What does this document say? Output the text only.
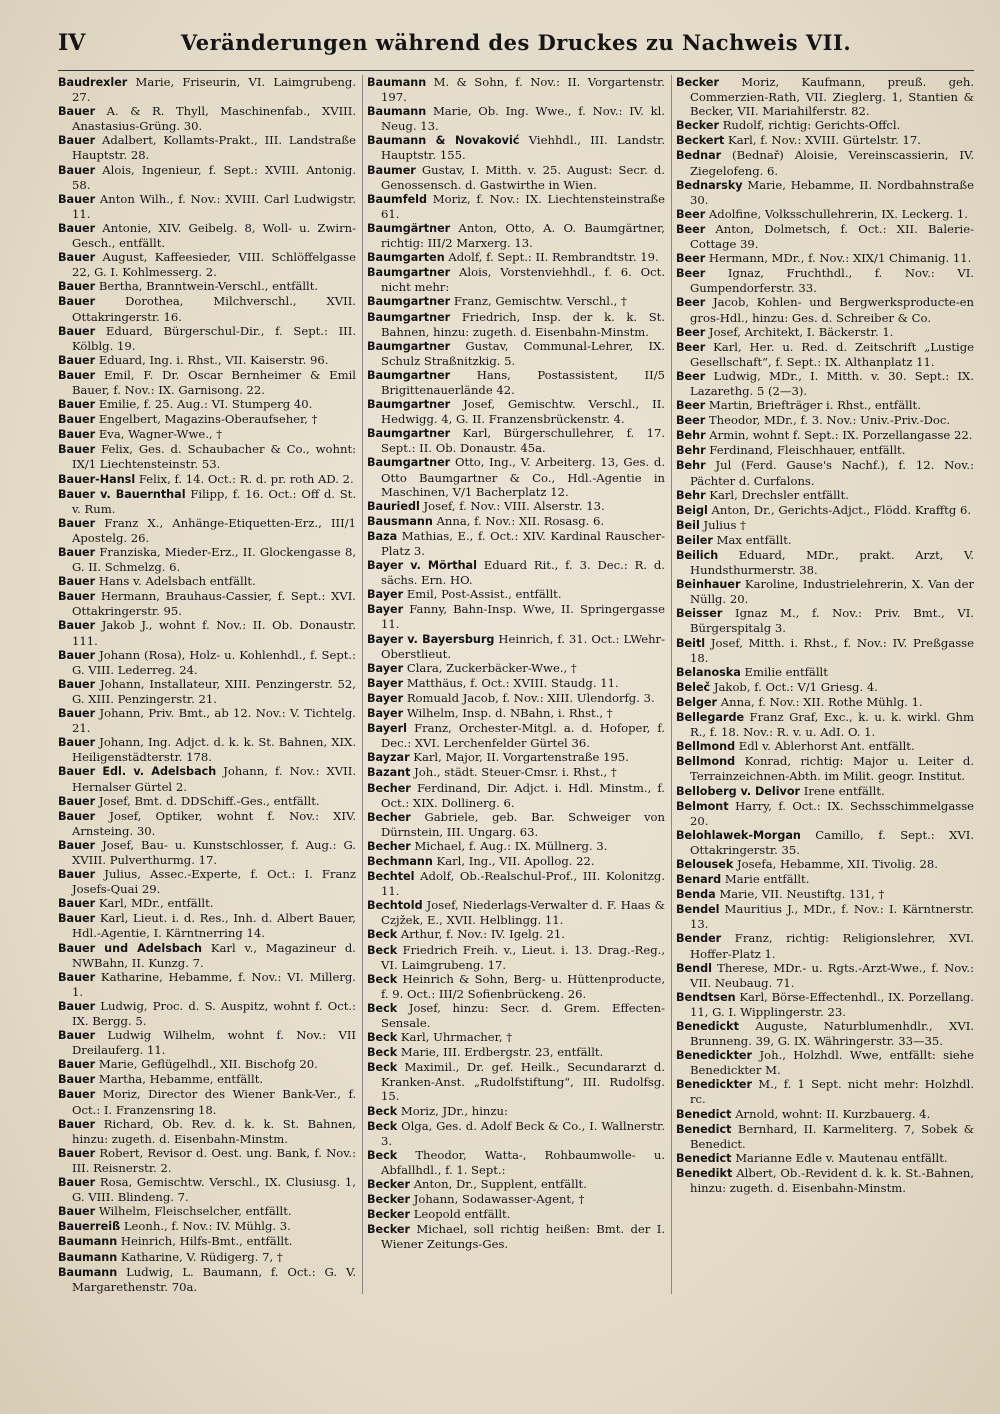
IV	Veränderungen während des Druckes zu Nachweis VII.

Baudrexler Marie, Friseurin, VI. Laimgrubeng. 27.

Bauer A. & R. Thyll, Maschinenfab., XVIII. Anastasius-Grüng. 30.

Bauer Adalbert, Kollamts-Prakt., III. Landstraße Hauptstr. 28.

Bauer Alois, Ingenieur, f. Sept.: XVIII. Antonig. 58.

Bauer Anton Wilh., f. Nov.: XVIII. Carl Ludwigstr. 11.

Bauer Antonie, XIV. Geibelg. 8, Woll- u. Zwirn-Gesch., entfällt.

Bauer August, Kaffeesieder, VIII. Schlöffelgasse 22, G. I. Kohlmesserg. 2.

Bauer Bertha, Branntwein-Verschl., entfällt.

Bauer	Dorothea, Milchverschl., XVII. Ottakringerstr. 16.

Bauer Eduard, Bürgerschul-Dir., f. Sept.: III. Kölblg. 19.

Bauer Eduard, Ing. i. Rhst., VII. Kaiserstr. 96.

Bauer Emil, F. Dr. Oscar Bernheimer & Emil Bauer, f. Nov.: IX. Garnisong. 22.

Bauer Emilie, f. 25. Aug.: VI. Stumperg 40.

Bauer Engelbert, Magazins-Oberaufseher, †

Bauer Eva, Wagner-Wwe., †

Bauer Felix, Ges. d. Schaubacher & Co., wohnt: IX/1 Liechtensteinstr. 53.

Bauer-Hansl Felix, f. 14. Oct.: R. d. pr. roth AD. 2.

Bauer v. Bauernthal Filipp, f. 16. Oct.: Off d. St. v. Rum.

Bauer Franz X., Anhänge-Etiquetten-Erz., III/1 Apostelg. 26.

Bauer Franziska, Mieder-Erz., II. Glockengasse 8, G. II. Schmelzg. 6.

Bauer Hans v. Adelsbach entfällt.

Bauer Hermann, Brauhaus-Cassier, f. Sept.: XVI. Ottakringerstr. 95.

Bauer Jakob J., wohnt f. Nov.: II. Ob. Donaustr. 111.

Bauer Johann (Rosa), Holz- u. Kohlenhdl., f. Sept.: G. VIII. Lederreg. 24.

Bauer Johann, Installateur, XIII. Penzingerstr. 52, G. XIII. Penzingerstr. 21.

Bauer Johann, Priv. Bmt., ab 12. Nov.: V. Tichtelg. 21.

Bauer Johann, Ing. Adjct. d. k. k. St. Bahnen, XIX. Heiligenstädterstr. 178.

Bauer Edl. v. Adelsbach Johann, f. Nov.: XVII. Hernalser Gürtel 2.

Bauer Josef, Bmt. d. DDSchiff.-Ges., entfällt.

Bauer Josef, Optiker, wohnt f. Nov.: XIV. Arnsteing. 30.

Bauer Josef, Bau- u. Kunstschlosser, f. Aug.: G. XVIII. Pulverthurmg. 17.

Bauer Julius, Assec.-Experte, f. Oct.: I. Franz Josefs-Quai 29.

Bauer Karl, MDr., entfällt.

Bauer Karl, Lieut. i. d. Res., Inh. d. Albert Bauer, Hdl.-Agentie, I. Kärntnerring 14.

Bauer und Adelsbach Karl v., Magazineur d. NWBahn, II. Kunzg. 7.

Bauer Katharine, Hebamme, f. Nov.: VI. Millerg. 1.

Bauer Ludwig, Proc. d. S. Auspitz, wohnt f. Oct.: IX. Bergg. 5.

Bauer Ludwig Wilhelm, wohnt f. Nov.: VII Dreilauferg. 11.

Bauer Marie, Geflügelhdl., XII. Bischofg 20.

Bauer Martha, Hebamme, entfällt.

Bauer Moriz, Director des Wiener Bank-Ver., f. Oct.: I. Franzensring 18.

Bauer Richard, Ob. Rev. d. k. k. St. Bahnen, hinzu: zugeth. d. Eisenbahn-Minstm.

Bauer Robert, Revisor d. Oest. ung. Bank, f. Nov.: III. Reisnerstr. 2.

Bauer Rosa, Gemischtw. Verschl., IX. Clusiusg. 1, G. VIII. Blindeng. 7.

Bauer Wilhelm, Fleischselcher, entfällt.

Bauerreiß Leonh., f. Nov.: IV. Mühlg. 3.

Baumann Heinrich, Hilfs-Bmt., entfällt.

Baumann Katharine, V. Rüdigerg. 7, †

Baumann Ludwig, L. Baumann, f. Oct.: G. V. Margarethenstr. 70a.

Baumann M. & Sohn, f. Nov.: II. Vorgartenstr. 197.

Baumann Marie, Ob. Ing. Wwe., f. Nov.: IV. kl. Neug. 13.

Baumann & Novaković Viehhdl., III. Landstr. Hauptstr. 155.

Baumer Gustav, I. Mitth. v. 25. August: Secr. d. Genossensch. d. Gastwirthe in Wien.

Baumfeld Moriz, f. Nov.: IX. Liechtensteinstraße 61.

Baumgärtner Anton, Otto, A. O. Baumgärtner, richtig: III/2 Marxerg. 13.

Baumgarten Adolf, f. Sept.: II. Rembrandtstr. 19.

Baumgartner Alois, Vorstenviehhdl., f. 6. Oct. nicht mehr:

Baumgartner Franz, Gemischtw. Verschl., †

Baumgartner Friedrich, Insp. der k. k. St. Bahnen, hinzu: zugeth. d. Eisenbahn-Minstm.

Baumgartner Gustav, Communal-Lehrer, IX. Schulz Straßnitzkig. 5.

Baumgartner Hans, Postassistent, II/5 Brigittenauerlände 42.

Baumgartner Josef, Gemischtw. Verschl., II. Hedwigg. 4, G. II. Franzensbrückenstr. 4.

Baumgartner Karl, Bürgerschullehrer, f. 17. Sept.: II. Ob. Donaustr. 45a.

Baumgartner Otto, Ing., V. Arbeiterg. 13, Ges. d. Otto Baumgartner & Co., Hdl.-Agentie in Maschinen, V/1 Bacherplatz 12.

Bauriedl Josef, f. Nov.: VIII. Alserstr. 13.

Bausmann Anna, f. Nov.: XII. Rosasg. 6.

Baza Mathias, E., f. Oct.: XIV. Kardinal Rauscher-Platz 3.

Bayer v. Mörthal Eduard Rit., f. 3. Dec.: R. d. sächs. Ern. HO.

Bayer Emil, Post-Assist., entfällt.

Bayer Fanny, Bahn-Insp. Wwe, II. Springergasse 11.

Bayer v. Bayersburg Heinrich, f. 31. Oct.: LWehr-Oberstlieut.

Bayer Clara, Zuckerbäcker-Wwe., †

Bayer Matthäus, f. Oct.: XVIII. Staudg. 11.

Bayer Romuald Jacob, f. Nov.: XIII. Ulendorfg. 3.

Bayer Wilhelm, Insp. d. NBahn, i. Rhst., †

Bayerl Franz, Orchester-Mitgl. a. d. Hofoper, f. Dec.: XVI. Lerchenfelder Gürtel 36.

Bayzar Karl, Major, II. Vorgartenstraße 195.

Bazant Joh., städt. Steuer-Cmsr. i. Rhst., †

Becher Ferdinand, Dir. Adjct. i. Hdl. Minstm., f. Oct.: XIX. Dollinerg. 6.

Becher Gabriele, geb. Bar. Schweiger von Dürnstein, III. Ungarg. 63.

Becher Michael, f. Aug.: IX. Müllnerg. 3.

Bechmann Karl, Ing., VII. Apollog. 22.

Bechtel Adolf, Ob.-Realschul-Prof., III. Kolonitzg. 11.

Bechtold Josef, Niederlags-Verwalter d. F. Haas & Czjžek, E., XVII. Helblingg. 11.

Beck Arthur, f. Nov.: IV. Igelg. 21.

Beck Friedrich Freih. v., Lieut. i. 13. Drag.-Reg., VI. Laimgrubeng. 17.

Beck Heinrich & Sohn, Berg- u. Hüttenproducte, f. 9. Oct.: III/2 Sofienbrückeng. 26.

Beck Josef, hinzu: Secr. d. Grem. Effecten-Sensale.

Beck Karl, Uhrmacher, †

Beck Marie, III. Erdbergstr. 23, entfällt.

Beck Maximil., Dr. gef. Heilk., Secundararzt d. Kranken-Anst. „Rudolfstiftung“, III. Rudolfsg. 15.

Beck Moriz, JDr., hinzu:

Beck Olga, Ges. d. Adolf Beck & Co., I. Wallnerstr. 3.

Beck Theodor, Watta-, Rohbaumwolle- u. Abfallhdl., f. 1. Sept.:

Becker Anton, Dr., Supplent, entfällt.

Becker Johann, Sodawasser-Agent, †

Becker Leopold entfällt.

Becker Michael, soll richtig heißen: Bmt. der I. Wiener Zeitungs-Ges.

Becker Moriz, Kaufmann, preuß. geh. Commerzien-Rath, VII. Zieglerg. 1, Stantien & Becker, VII. Mariahilferstr. 82.

Becker Rudolf, richtig: Gerichts-Offcl.

Beckert Karl, f. Nov.: XVIII. Gürtelstr. 17.

Bednar (Bednař) Aloisie, Vereinscassierin, IV. Ziegelofeng. 6.

Bednarsky Marie, Hebamme, II. Nordbahnstraße 30.

Beer Adolfine, Volksschullehrerin, IX. Leckerg. 1.

Beer Anton, Dolmetsch, f. Oct.: XII. Balerie-Cottage 39.

Beer Hermann, MDr., f. Nov.: XIX/1 Chimanig. 11.

Beer Ignaz, Fruchthdl., f. Nov.: VI. Gumpendorferstr. 33.

Beer Jacob, Kohlen- und Bergwerksproducte-en gros-Hdl., hinzu: Ges. d. Schreiber & Co.

Beer Josef, Architekt, I. Bäckerstr. 1.

Beer Karl, Her. u. Red. d. Zeitschrift „Lustige Gesellschaft“, f. Sept.: IX. Althanplatz 11.

Beer Ludwig, MDr., I. Mitth. v. 30. Sept.: IX. Lazarethg. 5 (2—3).

Beer Martin, Briefträger i. Rhst., entfällt.

Beer Theodor, MDr., f. 3. Nov.: Univ.-Priv.-Doc.

Behr Armin, wohnt f. Sept.: IX. Porzellangasse 22.

Behr Ferdinand, Fleischhauer, entfällt.

Behr Jul (Ferd. Gause's Nachf.), f. 12. Nov.: Pächter d. Curfalons.

Behr Karl, Drechsler entfällt.

Beigl Anton, Dr., Gerichts-Adjct., Flödd. Krafftg 6.

Beil Julius †

Beiler Max entfällt.

Beilich Eduard, MDr., prakt. Arzt, V. Hundsthurmerstr. 38.

Beinhauer Karoline, Industrielehrerin, X. Van der Nüllg. 20.

Beisser Ignaz M., f. Nov.: Priv. Bmt., VI. Bürgerspitalg 3.

Beitl Josef, Mitth. i. Rhst., f. Nov.: IV. Preßgasse 18.

Belanoska Emilie entfällt

Beleč Jakob, f. Oct.: V/1 Griesg. 4.

Belger Anna, f. Nov.: XII. Rothe Mühlg. 1.

Bellegarde Franz Graf, Exc., k. u. k. wirkl. Ghm R., f. 18. Nov.: R. v. u. AdI. O. 1.

Bellmond Edl v. Ablerhorst Ant. entfällt.

Bellmond Konrad, richtig: Major u. Leiter d. Terrainzeichnen-Abth. im Milit. geogr. Institut.

Belloberg v. Delivor Irene entfällt.

Belmont Harry, f. Oct.: IX. Sechsschimmelgasse 20.

Belohlawek-Morgan Camillo, f. Sept.: XVI. Ottakringerstr. 35.

Belousek Josefa, Hebamme, XII. Tivolig. 28.

Benard Marie entfällt.

Benda Marie, VII. Neustiftg. 131, †

Bendel Mauritius J., MDr., f. Nov.: I. Kärntnerstr. 13.

Bender Franz, richtig: Religionslehrer, XVI. Hoffer-Platz 1.

Bendl Therese, MDr.- u. Rgts.-Arzt-Wwe., f. Nov.: VII. Neubaug. 71.

Bendtsen Karl, Börse-Effectenhdl., IX. Porzellang. 11, G. I. Wipplingerstr. 23.

Benedickt Auguste, Naturblumenhdlr., XVI. Brunneng. 39, G. IX. Währingerstr. 33—35.

Benedickter Joh., Holzhdl. Wwe, entfällt: siehe Benedickter M.

Benedickter M., f. 1 Sept. nicht mehr: Holzhdl. rc.

Benedict Arnold, wohnt: II. Kurzbauerg. 4.

Benedict Bernhard, II. Karmeliterg. 7, Sobek & Benedict.

Benedict Marianne Edle v. Mautenau entfällt.

Benedikt Albert, Ob.-Revident d. k. k. St.-Bahnen, hinzu: zugeth. d. Eisenbahn-Minstm.
